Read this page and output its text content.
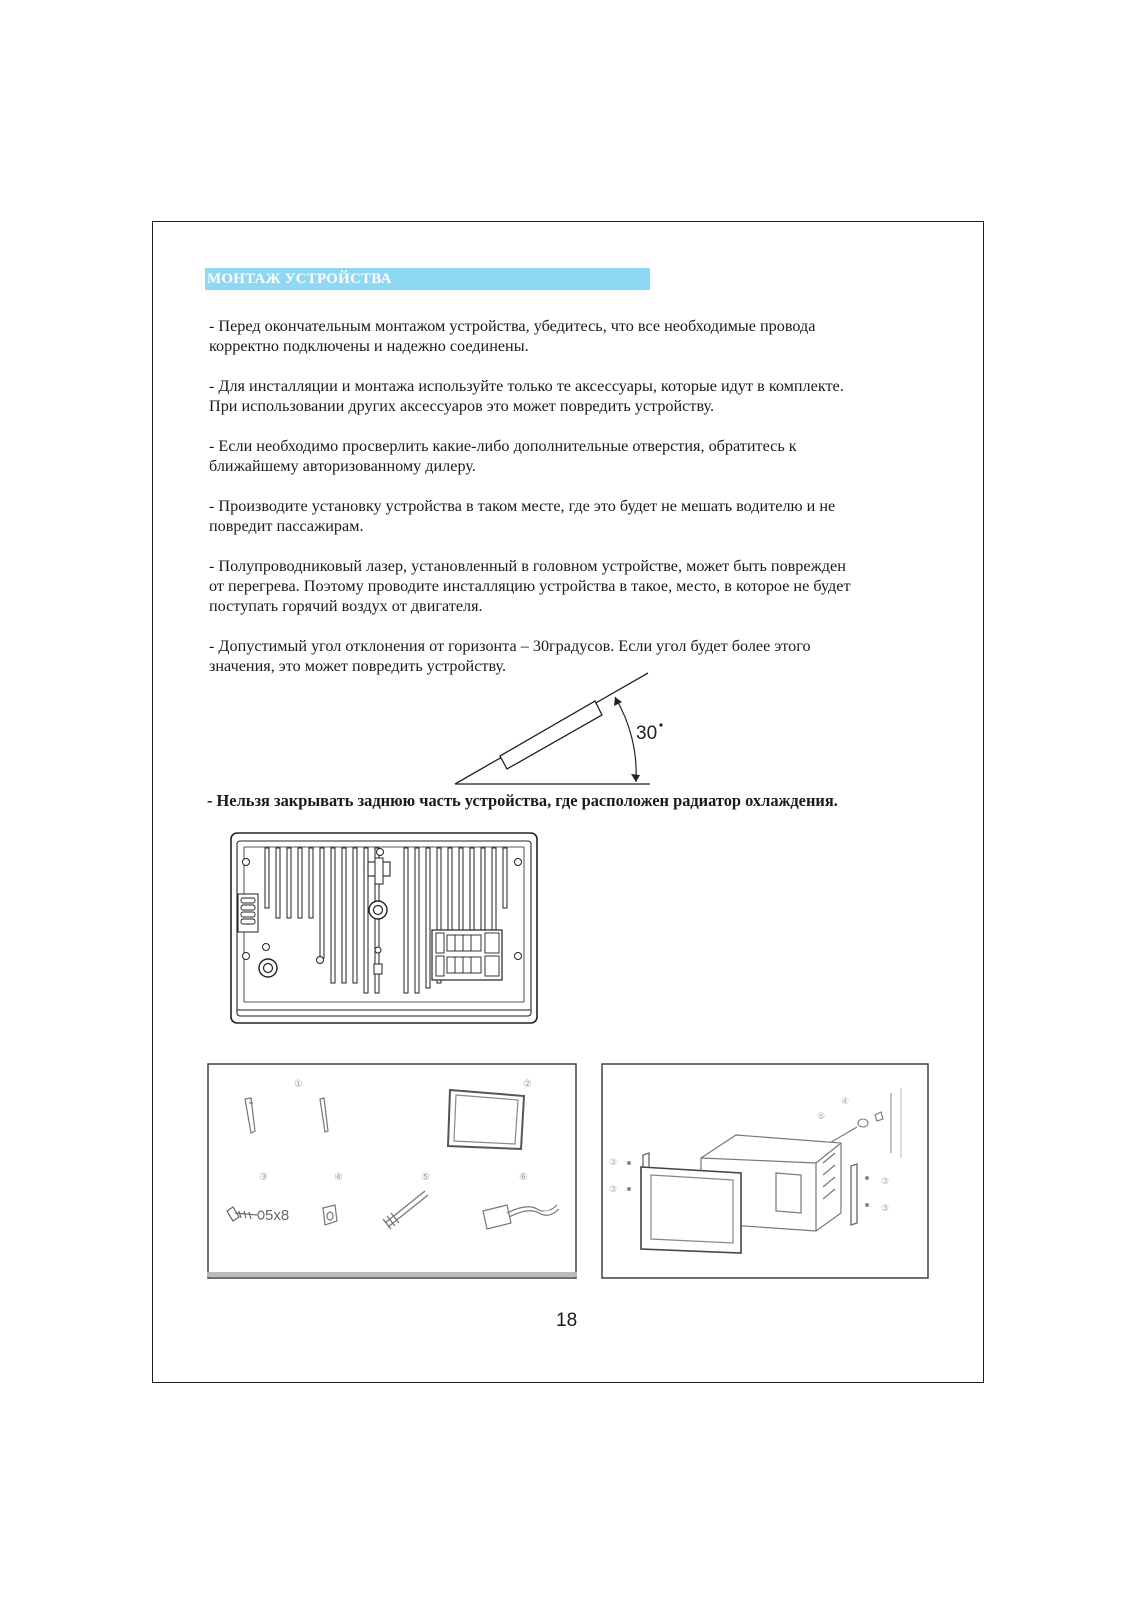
МОНТАЖ УСТРОЙСТВА
- Перед окончательным монтажом устройства, убедитесь, что все необходимые провода
корректно подключены и надежно соединены.
- Для инсталляции и монтажа используйте только те аксессуары, которые идут в комплекте.
При использовании других аксессуаров это может повредить устройству.
- Если необходимо просверлить какие-либо дополнительные отверстия, обратитесь к
ближайшему авторизованному дилеру.
- Производите установку устройства в таком месте, где это будет не мешать водителю и не
повредит пассажирам.
- Полупроводниковый лазер, установленный в головном устройстве, может быть поврежден
от перегрева. Поэтому проводите инсталляцию устройства в такое, место, в которое не будет
поступать горячий воздух от двигателя.
- Допустимый угол отклонения от горизонта – 30градусов. Если угол будет более этого
значения, это может повредить устройству.
30
- Нельзя закрывать заднюю часть устройства, где расположен радиатор охлаждения.
①	②
③	④	⑤	⑥
5x8
③
③
④
⑤
③
③
18
